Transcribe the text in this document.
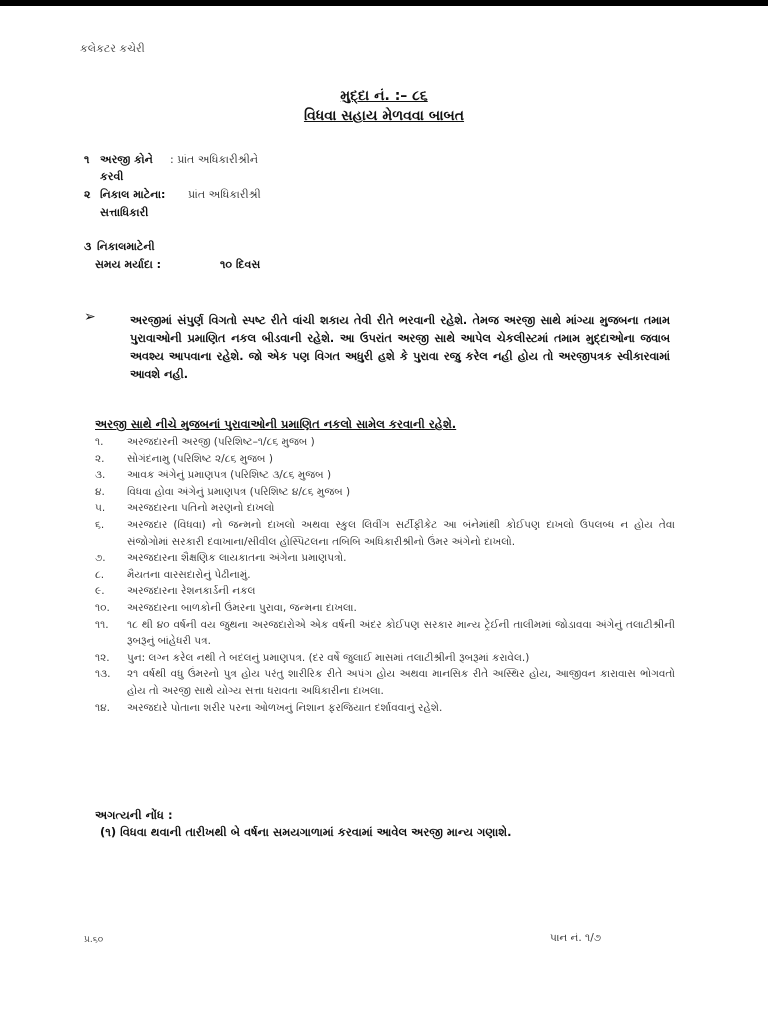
કલેકટર કચેરી
મુદ્દા નં. :– ૮૬
વિધવા સહાય મેળવવા બાબત
૧ અરજી કોને
કરવી
: પ્રાંત અધિકારીશ્રીને
૨ નિકાલ માટેના:
સત્તાધિકારી
પ્રાંત અધિકારીશ્રી
૩ નિકાલમાટેની
સમય મર્યાદા :	૧૦ દિવસ
➢	અરજીમાં સંપુર્ણ વિગતો સ્પષ્ટ રીતે વાંચી શકાય તેવી રીતે ભરવાની રહેશે. તેમજ અરજી સાથે માંગ્યા મુજબના તમામ પુરાવાઓની પ્રમાણિત નકલ બીડવાની રહેશે. આ ઉપરાંત અરજી સાથે આપેલ ચેકલીસ્ટમાં તમામ મુદ્દાઓના જવાબ અવશ્ય આપવાના રહેશે. જો એક પણ વિગત અધુરી હશે કે પુરાવા રજુ કરેલ નહી હોય તો અરજીપત્રક સ્વીકારવામાં આવશે નહી.
અરજી સાથે નીચે મુજબનાં પુરાવાઓની પ્રમાણિત નકલો સામેલ કરવાની રહેશે.
૧.	અરજદારની અરજી (પરિશિષ્ટ–૧/૮૬ મુજબ )
૨.	સોગંદનામુ (પરિશિષ્ટ ૨/૮૬ મુજબ )
૩.	આવક અંગેનું પ્રમાણપત્ર (પરિશિષ્ટ ૩/૮૬ મુજબ )
૪.	વિધવા હોવા અંગેનું પ્રમાણપત્ર (પરિશિષ્ટ ૪/૮૬ મુજબ )
૫.	અરજદારના પતિનો મરણનો દાખલો
૬.	અરજદાર (વિધવા) નો જન્મનો દાખલો અથવા સ્કુલ લિવીંગ સર્ટીફીકેટ આ બંનેમાંથી કોઈપણ દાખલો ઉપલબ્ધ ન હોય તેવા સંજોગોમાં સરકારી દવાખાના/સીવીલ હોસ્પિટલના તબિબિ અધિકારીશ્રીનો ઉંમર અંગેનો દાખલો.
૭.	અરજદારના શૈક્ષણિક લાયકાતના અંગેના પ્રમાણપત્રો.
૮.	મૈયતના વારસદારોનું પેઢીનામું.
૯.	અરજદારના રેશનકાર્ડની નકલ
૧૦.	અરજદારના બાળકોની ઉંમરના પુરાવા, જન્મના દાખલા.
૧૧.	૧૮ થી ૪૦ વર્ષની વય જુથના અરજદારોએ એક વર્ષની અંદર કોઈપણ સરકાર માન્ય ટ્રેઈની તાલીમમાં જોડાવવા અંગેનું તલાટીશ્રીની રૂબરૂનું બાંહેધરી પત્ર.
૧૨.	પુન: લગ્ન કરેલ નથી તે બદલનું પ્રમાણપત્ર. (દર વર્ષે જુલાઈ માસમાં તલાટીશ્રીની રૂબરૂમાં કરાવેલ.)
૧૩.	૨૧ વર્ષથી વધુ ઉંમરનો પુત્ર હોય પરંતુ શારીરિક રીતે અપંગ હોય અથવા માનસિક રીતે અસ્થિર હોય, આજીવન કારાવાસ ભોગવતો હોય તો અરજી સાથે યોગ્ય સત્તા ધરાવતા અધિકારીના દાખલા.
૧૪.	અરજદારે પોતાના શરીર પરના ઓળખનું નિશાન ફરજિયાત દર્શાવવાનું રહેશે.
અગત્યની નોંધ :
(૧) વિધવા થવાની તારીખથી બે વર્ષના સમયગાળામાં કરવામાં આવેલ અરજી માન્ય ગણાશે.
પ્ર.૬૦	પાન નં. ૧/૭
